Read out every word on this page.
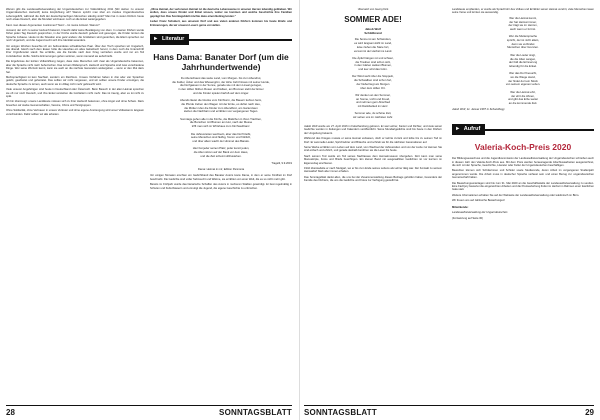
Warum gibt die Landesselbstverwaltung der Ungarndeutschen zur Volkszählung 2011 (Wir stehen zu unserer Ungarndeutschen Herkunft) keine Empfehlung ab? Warum spricht man über ein zweites Ungarndeutsches Lebensgefühl, während die Zahl der deutschsprachigen Menschen ständig sinkt? Man hat in vielen Dörfern heute noch etwas Deutsch, aber die Mundart wird kaum noch an die Enkel weitergegeben.

Kann man diesen Argumenten zustimmen? Nein! – Ist meine Antwort. Warum?

Jemand, der sich zu seiner Herkunft bekennt, braucht dafür keine Bestätigung von oben. In unseren Dörfern wurde früher jeden Tag Deutsch gesprochen, in der Kirche wurde deutsch gebetet und gesungen, die Kinder lernten die Sprache zuhause. Heute ist die Situation eine ganz andere: die Großeltern sind gestorben, die Eltern sprechen nur noch Ungarisch, und die Jugend sucht sich ihre Identität woanders.

Vor einigen Wochen besuchte ich ein befreundetes schwäbisches Paar. Über den Tisch sprachen wir Ungarisch, wie überall. Gleich nach dem Essen holte die Hausfrau ein altes Gebetbuch hervor, in dem noch die Unterschrift ihrer Urgroßmutter stand. Sie erzählte, wie die Familie nach dem Krieg vertrieben wurde und nur ein Teil zurückkehren durfte. Solche Erinnerungen gehen verloren, wenn niemand sie aufschreibt.

Die Ergebnisse der letzten Volkszählung zeigen, dass viele Menschen sich zwar als Ungarndeutsche bekennen, aber die Sprache nicht mehr beherrschen. Das ist kein Widerspruch. Herkunft und Sprache sind zwei verschiedene Dinge. Wer seine Wurzeln kennt, kann sie auch an die nächste Generation weitergeben – wenn er den Mut dazu hat.

Mehrsprachigkeit ist kein Nachteil, sondern ein Reichtum. Unsere Vorfahren haben in drei oder vier Sprachen gelebt, gearbeitet und geheiratet. Das sollten wir nicht vergessen, und wir sollten unsere Kinder ermutigen, die deutsche Sprache zu lernen, auch wenn sie im Alltag nicht mehr gebraucht wird.

Viele unserer Angehörigen sind heute in Deutschland oder Österreich. Beim Besuch in der alten Heimat sprechen sie oft nur noch Deutsch, und ihre Enkel verstehen die Großeltern nicht mehr. Das ist traurig, aber es ist nicht zu spät.

Ich bin überzeugt: unsere Landsleute müssen sich zu ihrer Herkunft bekennen, ohne Angst und ohne Scham. Dazu brauchen wir starke Gemeinschaften, Vereine, Chöre und Tanzgruppen.

Ohne Solidarität, ohne Vertrauen in unsere Vertreter und ohne eigene Anstrengung wird unser Volksstamm langsam verschwinden. Dafür sollten wir alle arbeiten.

„Ohne Heimat, der verlorenen Heimat ist die deutsche Lebensweise in unseren Herzen lebendig geblieben. Wir wollen, dass unsere Kinder und Enkel wissen, woher sie kommen und welche Geschichte ihre Familien geprägt hat. Das Sonntagsblatt möchte dazu einen Beitrag leisten.“

Lieber Franz Schubert, aus unserem Dorf und aus vielen anderen Dörfern kommen bis heute Briefe und Erinnerungen, die wir unseren Lesern gerne vorstellen.

► Literatur
Hans Dama: Banater Dorf (um die Jahrhundertwende)
Du überschaust das weite Land, vom Morgen- bis zum Abendrot,
die Felder, Äcker und das Wiesengrün, der Hirte zieht hinaus mit seiner Herde,
die Dorfgassen in der Sonne, gerade wie mit dem Lineal gezogen,
in den Höfen blühen Rosen und Nelken, am Brunnen steht der Eimer
und die Kinder spielen barfuß auf dem Anger.

Abends läutet die Glocke vom Kirchturm, die Bauern kehren heim,
die Pferde ziehen den Wagen mit der Ernte, es duftet nach Heu,
die Mütter rufen die Kinder zum Abendbrot, am Gartenzaun
stehen die Nachbarn und erzählen von vergangenen Tagen.

Sonntags gehen alle in die Kirche, die Mädchen in ihren Trachten,
die Burschen mit Blumen am Hut, nach der Messe
trifft man sich im Wirtshaus zum Kirchweihtanz.

Die Jahreszeiten wechseln, aber das Dorf bleibt,
seine Menschen sind fleißig, fromm und fröhlich,
und über allem wacht der Himmel des Banats.

Hier hat jeder seinen Platz, jeder kennt jeden,
die Alten sitzen auf der Bank vor dem Haus,
und die Zeit scheint stillzustehen.
Tragelli, 9.9.2019
Dama: Heimat in mir, Edition Pannonia

Vor einigen Monaten erschien ein Gedichtband des Banater Autors Hans Dama, in dem er seine Kindheit im Dorf beschreibt. Die Gedichte sind voller Sehnsucht und Wärme, sie erzählen von einer Welt, die es so nicht mehr gibt.

Bereits im Frühjahr wurde das literarische Schaffen des Autors in mehreren Städten gewürdigt. Er liest regelmäßig in Schulen und Kulturhäusern und ermutigt die Jugend, die eigene Geschichte zu erforschen.

28	SONNTAGSBLATT
Übersetzt von Georg Kick
SOMMER ADE!
Jakob Wolf
Schildbrand
Die Sonne ist am Schwinden,
es wird langsam kühl im Land,
leise ziehen die Stare fort,
es kommt der Herbst ins Land.

Die Äpfel hängen rot und schwer,
die Trauben sind schon süß,
in den Gärten welken Blumen,
und leer wird das Grün.

Der Wind weht über die Stoppeln,
die Schwalben sind schon fort,
der Nebel liegt am Morgen
über dem stillen Ort.

Wir denken an den Sommer,
an Sonne, Licht und Freud,
und nehmen gern Abschied
mit Dankbarkeit im Herz.

Sommer ade, du schöne Zeit,
wir sehen uns im nächsten Jahr.

Jakob Wolf wurde am 27. April 1916 in Felsöhamburg geboren. Er war Lehrer, Kantor und Dichter, und viele seiner Gedichte wurden in Zeitungen und Kalendern veröffentlicht. Seine Mundartgedichte sind bis heute in den Dörfern der Umgebung bekannt.

Während des Krieges musste er seine Heimat verlassen, doch er kehrte zurück und lebte bis zu seinem Tod im Dorf. Er sammelte Lieder, Sprichwörter und Bräuche und schrieb sie für die nächsten Generationen auf.

Seine Werke erzählen vom Leben auf dem Land, vom Wechsel der Jahreszeiten und von der Liebe zur Heimat. Sie sind einfach und ehrlich, und gerade deshalb berühren sie die Leser bis heute.

Nach seinem Tod wurde ein Teil seines Nachlasses dem Heimatmuseum übergeben. Dort kann man seine Manuskripte, Fotos und Briefe besichtigen. Ein kleiner Band mit ausgewählten Gedichten ist vor kurzem im Eigenverlag erschienen.

1942 übersiedelte er nach Stuttgart, wo er bis zum Ende seines Lebens als Lehrer tätig war. Der Kontakt zu seinem Heimatdorf blieb aber immer erhalten.

Das Sonntagsblatt dankt allen, die uns bei der Zusammenstellung dieses Beitrags geholfen haben, besonders der Familie des Dichters, die uns die Gedichte und Fotos zur Verfügung gestellt hat.

Landsleute empfanden, er wurde als Sprachrohr des Volkes und Erzähler seiner Heimat verehrt, viele Menschen lasen seine Verse und lernten sie auswendig.

Wer die Heimat kennt,
der hat Heimat immer,
der trägt sie im Herzen,
auch wenn er fort ist.

Wer die Muttersprache
spricht, der ist nicht allein,
denn sie verbindet
Menschen über Grenzen.

Wer die Lieder singt,
die die Alten sangen,
der hält die Erinnerung
lebendig für die Enkel.

Wer das Dorf besucht,
wo die Wiege stand,
der findet dort ein Stück
von seinem eigenen Leben.

Wer die Heimat ehrt,
der ehrt die Ahnen,
und gibt das Erbe weiter
an die kommende Zeit.
Jakob Wolf, 11. Januar 1987 in Schandhegy
► Aufruf
Valeria-Koch-Preis 2020

Der Bildungsausschuss und die Jugendkommission der Landesselbstverwaltung der Ungarndeutschen schreiben auch in diesem Jahr den Valeria-Koch-Preis aus. Mit dem Preis werden herausragende Abschlussarbeiten ausgezeichnet, die sich mit der Sprache, Geschichte, Literatur oder Kultur der Ungarndeutschen beschäftigen.

Bewerben können sich Schülerinnen und Schüler sowie Studierende, deren Arbeit im vergangenen Studienjahr angenommen wurde. Die Arbeit muss in deutscher Sprache verfasst sein und einen Bezug zur ungarndeutschen Gemeinschaft haben.

Die Bewerbungsunterlagen sind bis zum 31. Mai 2020 an die Geschäftsstelle der Landesselbstverwaltung zu senden. Eine Fachjury bewertet die eingereichten Arbeiten und die Preisverleihung findet im Herbst im Rahmen einer feierlichen Gala statt.

Weitere Informationen erhalten Sie auf der Webseite der Landesselbstverwaltung oder telefonisch im Büro.

Wir freuen uns auf zahlreiche Bewerbungen!

Mitwirkende:

Landesselbstverwaltung der Ungarndeutschen

(Fortsetzung auf Seite 30)

SONNTAGSBLATT	29
